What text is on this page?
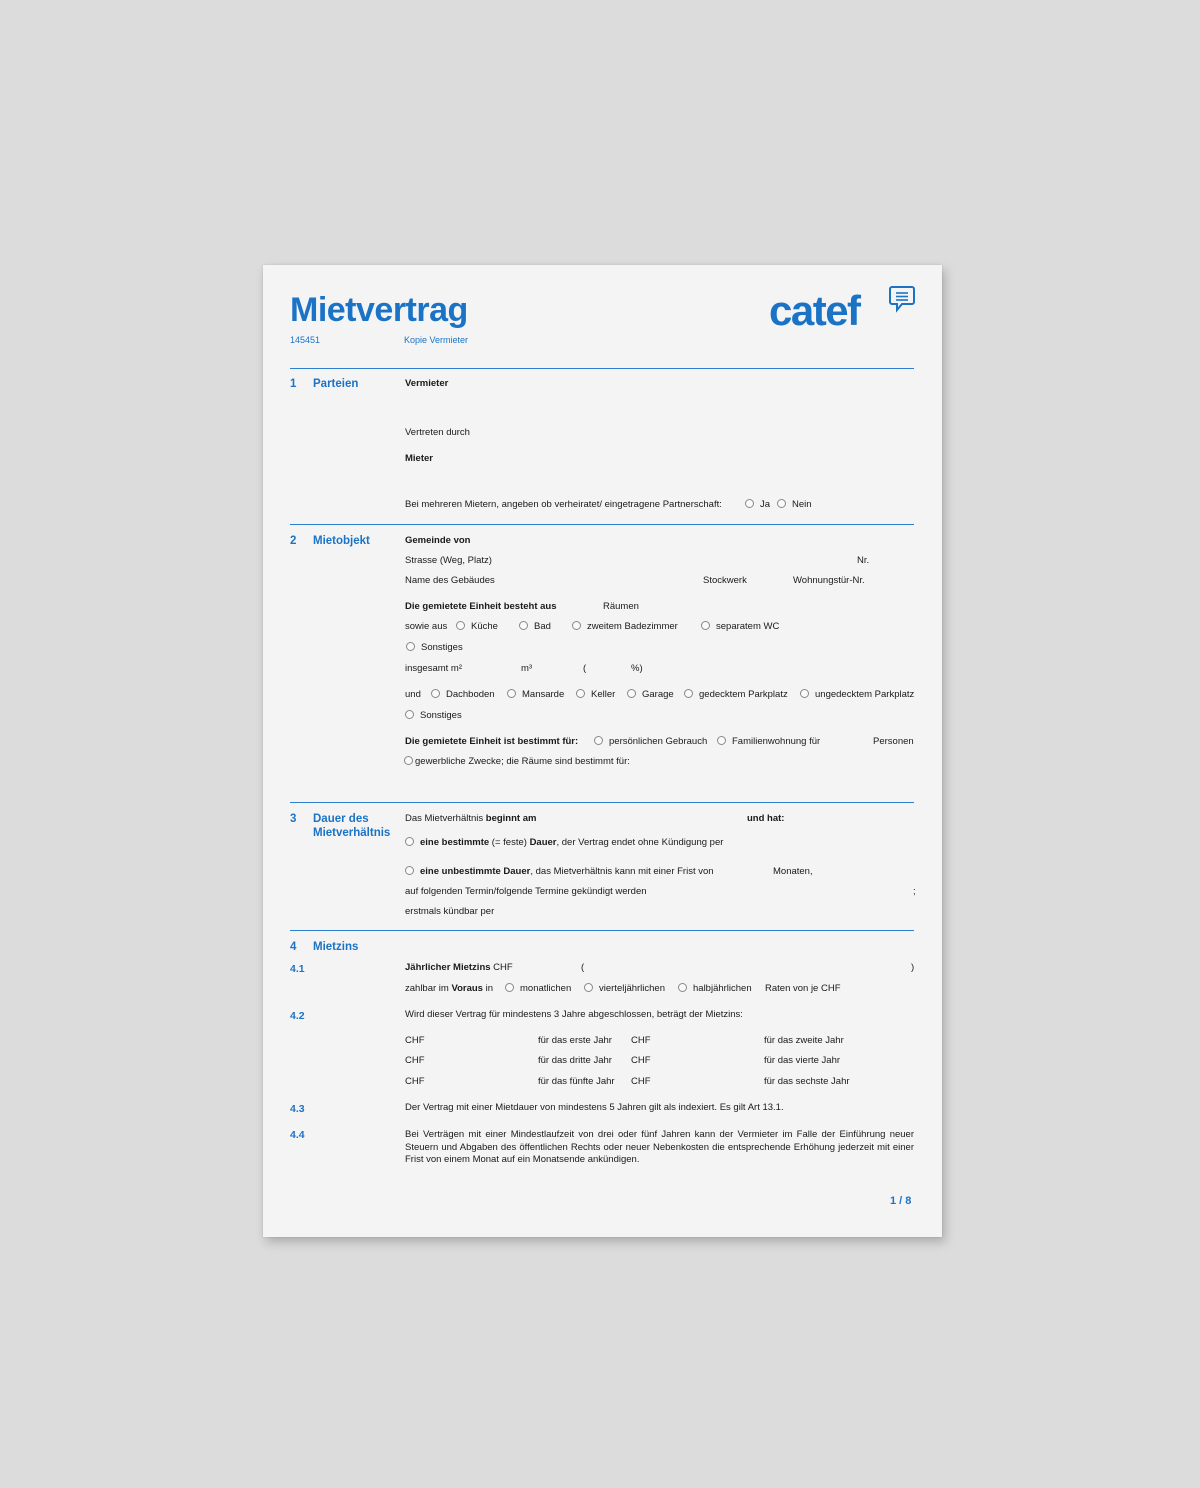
Mietvertrag
145451	Kopie Vermieter
catef
1 Parteien	Vermieter
Vertreten durch
Mieter
Bei mehreren Mietern, angeben ob verheiratet/ eingetragene Partnerschaft:	Ja	Nein
2 Mietobjekt	Gemeinde von
Strasse (Weg, Platz)	Nr.
Name des Gebäudes	Stockwerk	Wohnungstür-Nr.
Die gemietete Einheit besteht aus	Räumen
sowie aus	Küche	Bad	zweitem Badezimmer	separatem WC
Sonstiges
insgesamt m²	m³	(	%)
und	Dachboden	Mansarde	Keller	Garage	gedecktem Parkplatz	ungedecktem Parkplatz
Sonstiges
Die gemietete Einheit ist bestimmt für:	persönlichen Gebrauch	Familienwohnung für	Personen
gewerbliche Zwecke; die Räume sind bestimmt für:
3 Dauer des
Mietverhältnis
Das Mietverhältnis beginnt am	und hat:
eine bestimmte (= feste) Dauer, der Vertrag endet ohne Kündigung per
eine unbestimmte Dauer, das Mietverhältnis kann mit einer Frist von	Monaten,
auf folgenden Termin/folgende Termine gekündigt werden	;
erstmals kündbar per
4 Mietzins
4.1	Jährlicher Mietzins CHF	(	)
zahlbar im Voraus in	monatlichen	vierteljährlichen	halbjährlichen Raten von je CHF
4.2	Wird dieser Vertrag für mindestens 3 Jahre abgeschlossen, beträgt der Mietzins:
CHF	für das erste Jahr CHF	für das zweite Jahr
CHF	für das dritte Jahr CHF	für das vierte Jahr
CHF	für das fünfte Jahr CHF	für das sechste Jahr
4.3	Der Vertrag mit einer Mietdauer von mindestens 5 Jahren gilt als indexiert. Es gilt Art 13.1.
4.4	Bei Verträgen mit einer Mindestlaufzeit von drei oder fünf Jahren kann der Vermieter im Falle der Einführung neuer Steuern und Abgaben des öffentlichen Rechts oder neuer Nebenkosten die entsprechende Erhöhung jederzeit mit einer Frist von einem Monat auf ein Monatsende ankündigen.
1 / 8
